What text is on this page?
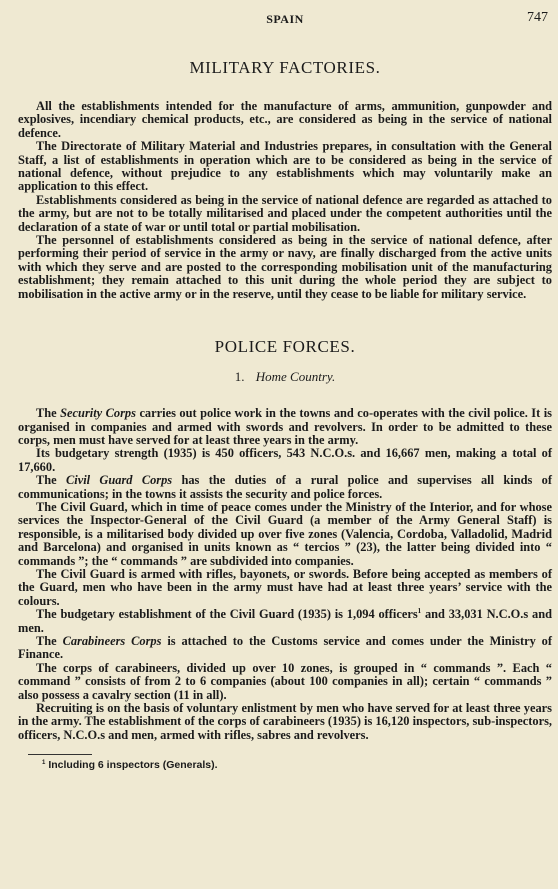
SPAIN	747
MILITARY FACTORIES.

All the establishments intended for the manufacture of arms, ammunition, gunpowder and explosives, incendiary chemical products, etc., are considered as being in the service of national defence.

The Directorate of Military Material and Industries prepares, in consultation with the General Staff, a list of establishments in operation which are to be considered as being in the service of national defence, without prejudice to any establishments which may voluntarily make an application to this effect.

Establishments considered as being in the service of national defence are regarded as attached to the army, but are not to be totally militarised and placed under the competent authorities until the declaration of a state of war or until total or partial mobilisation.

The personnel of establishments considered as being in the service of national defence, after performing their period of service in the army or navy, are finally discharged from the active units with which they serve and are posted to the corresponding mobilisation unit of the manufacturing establishment; they remain attached to this unit during the whole period they are subject to mobilisation in the active army or in the reserve, until they cease to be liable for military service.

POLICE FORCES.
1. Home Country.

The Security Corps carries out police work in the towns and co-operates with the civil police. It is organised in companies and armed with swords and revolvers. In order to be admitted to these corps, men must have served for at least three years in the army.

Its budgetary strength (1935) is 450 officers, 543 N.C.O.s. and 16,667 men, making a total of 17,660.

The Civil Guard Corps has the duties of a rural police and supervises all kinds of communications; in the towns it assists the security and police forces.

The Civil Guard, which in time of peace comes under the Ministry of the Interior, and for whose services the Inspector-General of the Civil Guard (a member of the Army General Staff) is responsible, is a militarised body divided up over five zones (Valencia, Cordoba, Valladolid, Madrid and Barcelona) and organised in units known as “ tercios ” (23), the latter being divided into “ commands ”; the “ commands ” are subdivided into companies.

The Civil Guard is armed with rifles, bayonets, or swords. Before being accepted as members of the Guard, men who have been in the army must have had at least three years’ service with the colours.

The budgetary establishment of the Civil Guard (1935) is 1,094 officers$^1$ and 33,031 N.C.O.s and men.

The Carabineers Corps is attached to the Customs service and comes under the Ministry of Finance.

The corps of carabineers, divided up over 10 zones, is grouped in “ commands ”. Each “ command ” consists of from 2 to 6 companies (about 100 companies in all); certain “ commands ” also possess a cavalry section (11 in all).

Recruiting is on the basis of voluntary enlistment by men who have served for at least three years in the army. The establishment of the corps of carabineers (1935) is 16,120 inspectors, sub-inspectors, officers, N.C.O.s and men, armed with rifles, sabres and revolvers.

$^1$ Including 6 inspectors (Generals).
